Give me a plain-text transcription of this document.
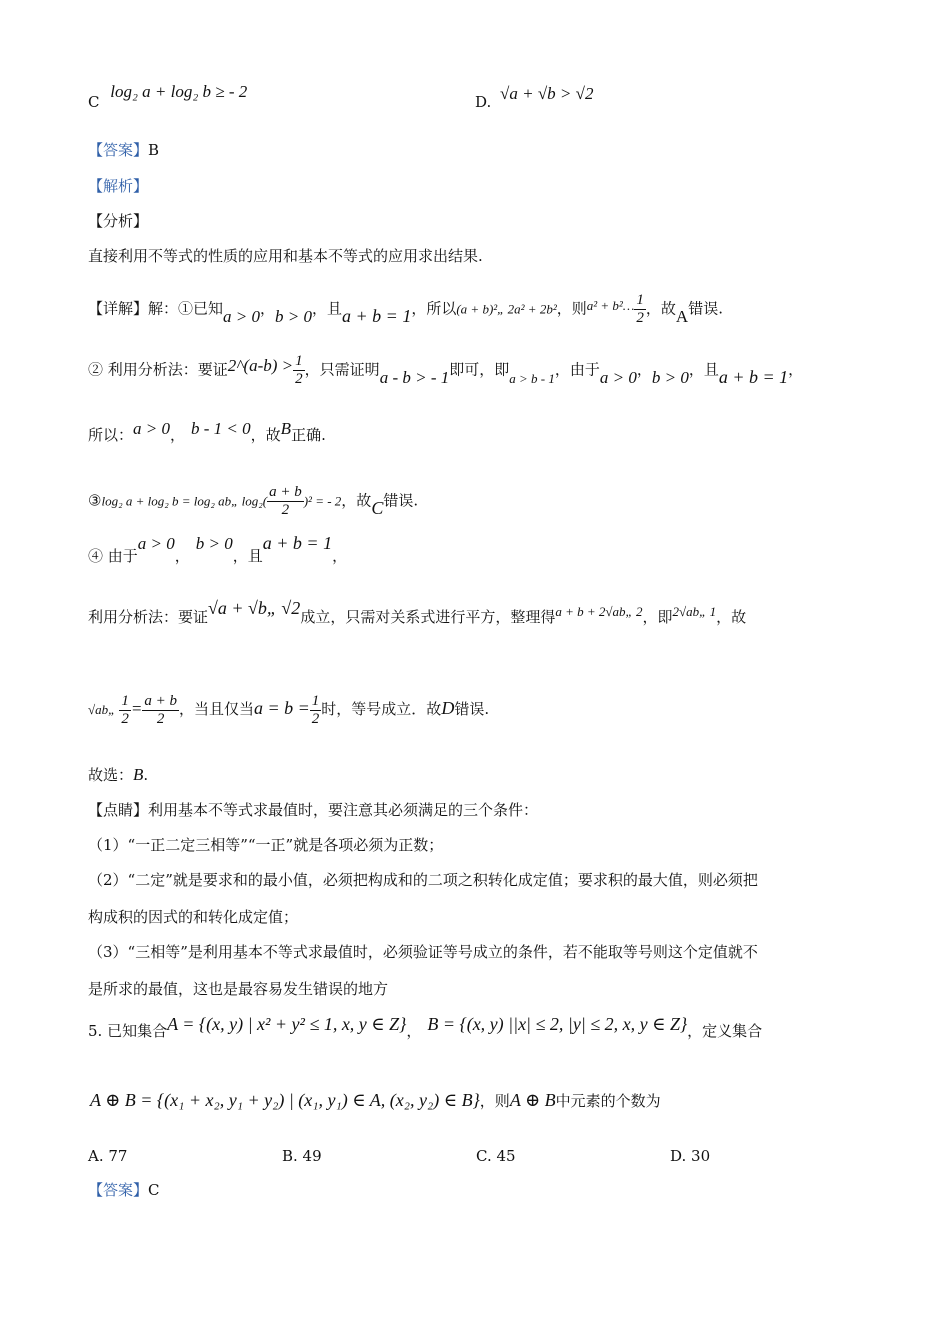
C log₂ a + log₂ b ≥ - 2
D. √a + √b > √2
【答案】B
【解析】
【分析】
直接利用不等式的性质的应用和基本不等式的应用求出结果.
【详解】解：①已知a > 0，b > 0，且a + b = 1，所以(a + b)²„ 2a² + 2b²，则a² + b²… $\frac{1}{2}$ ，故A错误.
② 利用分析法：要证2^(a-b) > $\frac{1}{2}$ ，只需证明a - b > - 1即可，即a > b - 1，由于a > 0，b > 0，且a + b = 1，
所以：a > 0， b - 1 < 0，故B正确.
③log₂ a + log₂ b = log₂ ab„ $\log_2( \frac{a + b}{2} )^2$ = - 2，故C错误.
④ 由于a > 0，b > 0，且a + b = 1，
利用分析法：要证√a + √b„ √2成立，只需对关系式进行平方，整理得a + b + 2√ab„ 2，即2√ab„ 1，故
√ab„ $\frac{1}{2} = \frac{a + b}{2}$ ，当且仅当$a = b = \frac{1}{2}$ 时，等号成立．故D错误.
故选：B.
【点睛】利用基本不等式求最值时，要注意其必须满足的三个条件：
（1）“一正二定三相等”“一正”就是各项必须为正数；
（2）“二定”就是要求和的最小值，必须把构成和的二项之积转化成定值；要求积的最大值，则必须把
构成积的因式的和转化成定值；
（3）“三相等”是利用基本不等式求最值时，必须验证等号成立的条件，若不能取等号则这个定值就不
是所求的最值，这也是最容易发生错误的地方
5. 已知集合A = {(x, y) | x² + y² ≤ 1, x, y ∈ Z}， B = {(x, y) ||x| ≤ 2, |y| ≤ 2, x, y ∈ Z}，定义集合
A ⊕ B = {(x₁ + x₂, y₁ + y₂) | (x₁, y₁) ∈ A, (x₂, y₂) ∈ B}，则A ⊕ B中元素的个数为
A. 77	B. 49	C. 45	D. 30
【答案】C
